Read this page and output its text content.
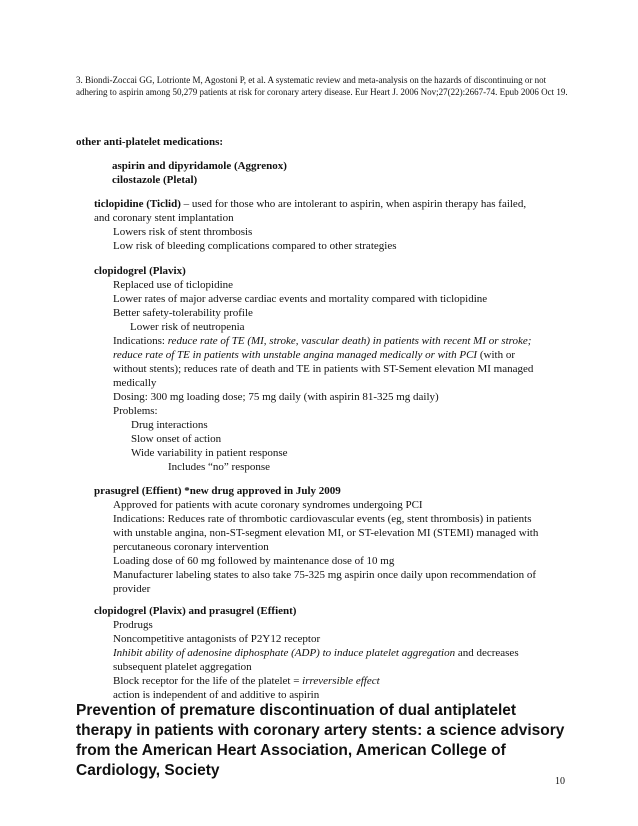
3. Biondi-Zoccai GG, Lotrionte M, Agostoni P, et al. A systematic review and meta-analysis on the hazards of discontinuing or not adhering to aspirin among 50,279 patients at risk for coronary artery disease. Eur Heart J. 2006 Nov;27(22):2667-74. Epub 2006 Oct 19.
other anti-platelet medications:
aspirin and dipyridamole (Aggrenox)
cilostazole (Pletal)
ticlopidine (Ticlid) – used for those who are intolerant to aspirin, when aspirin therapy has failed,
and coronary stent implantation
Lowers risk of stent thrombosis
Low risk of bleeding complications compared to other strategies
clopidogrel (Plavix)
Replaced use of ticlopidine
Lower rates of major adverse cardiac events and mortality compared with ticlopidine
Better safety-tolerability profile
Lower risk of neutropenia
Indications: reduce rate of TE (MI, stroke, vascular death) in patients with recent MI or stroke;
reduce rate of TE in patients with unstable angina managed medically or with PCI (with or
without stents); reduces rate of death and TE in patients with ST-Sement elevation MI managed
medically
Dosing: 300 mg loading dose; 75 mg daily (with aspirin 81-325 mg daily)
Problems:
Drug interactions
Slow onset of action
Wide variability in patient response
Includes “no” response
prasugrel (Effient) *new drug approved in July 2009
Approved for patients with acute coronary syndromes undergoing PCI
Indications: Reduces rate of thrombotic cardiovascular events (eg, stent thrombosis) in patients
with unstable angina, non-ST-segment elevation MI, or ST-elevation MI (STEMI) managed with
percutaneous coronary intervention
Loading dose of 60 mg followed by maintenance dose of 10 mg
Manufacturer labeling states to also take 75-325 mg aspirin once daily upon recommendation of
provider
clopidogrel (Plavix) and prasugrel (Effient)
Prodrugs
Noncompetitive antagonists of P2Y12 receptor
Inhibit ability of adenosine diphosphate (ADP) to induce platelet aggregation and decreases
subsequent platelet aggregation
Block receptor for the life of the platelet = irreversible effect
action is independent of and additive to aspirin
Prevention of premature discontinuation of dual antiplatelet therapy in patients with coronary artery stents: a science advisory from the American Heart Association, American College of Cardiology, Society
10
